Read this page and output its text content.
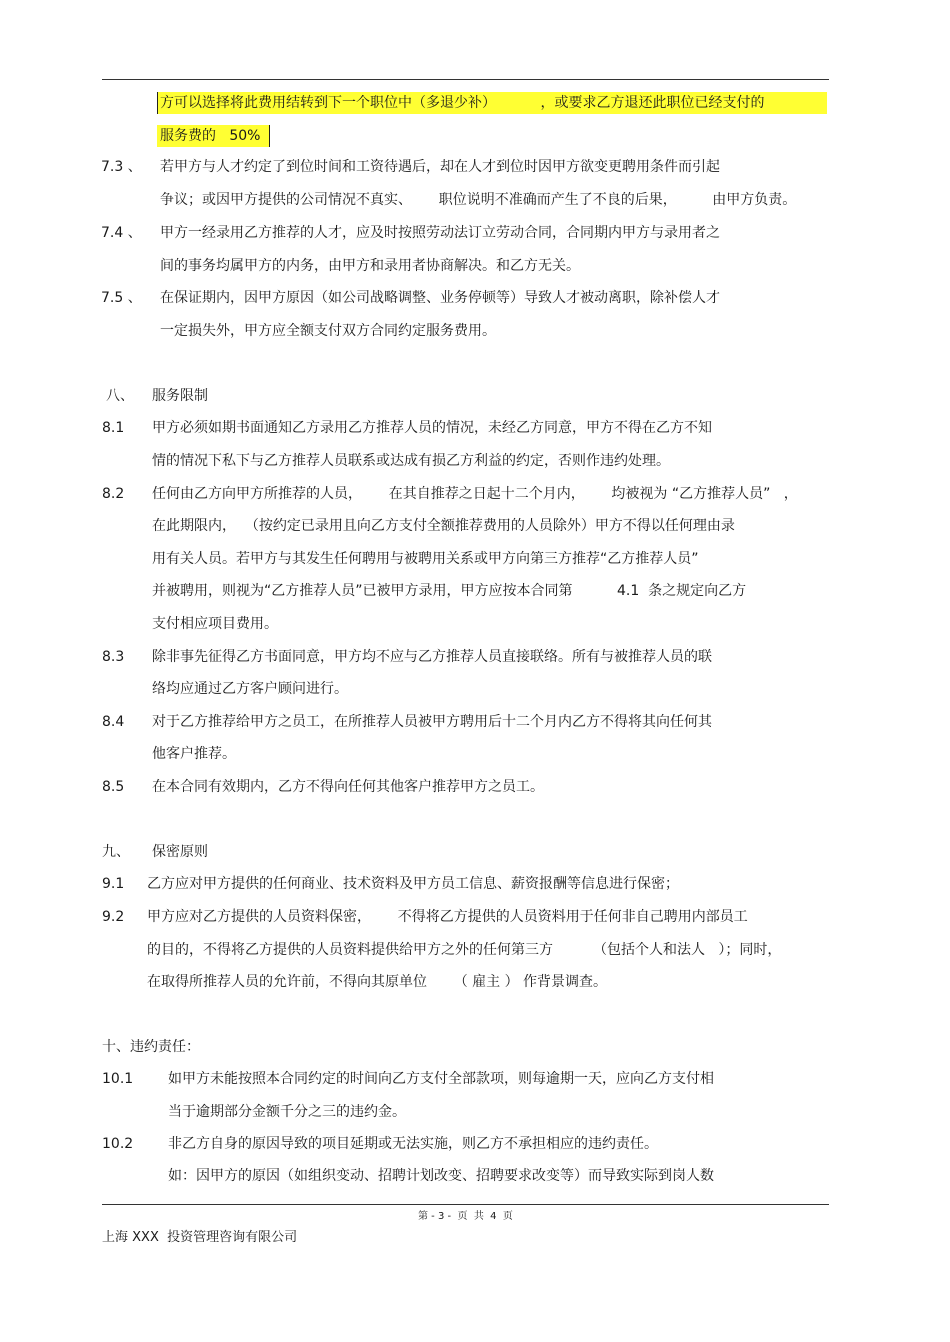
方可以选择将此费用结转到下一个职位中（多退少补）          ，或要求乙方退还此职位已经支付的
服务费的   50%
7.3 、 若甲方与人才约定了到位时间和工资待遇后，却在人才到位时因甲方欲变更聘用条件而引起
争议；或因甲方提供的公司情况不真实、      职位说明不准确而产生了不良的后果，        由甲方负责。
7.4 、 甲方一经录用乙方推荐的人才，应及时按照劳动法订立劳动合同，合同期内甲方与录用者之
间的事务均属甲方的内务，由甲方和录用者协商解决。和乙方无关。
7.5 、 在保证期内，因甲方原因（如公司战略调整、业务停顿等）导致人才被动离职，除补偿人才
一定损失外，甲方应全额支付双方合同约定服务费用。
八、 服务限制
8.1 甲方必须如期书面通知乙方录用乙方推荐人员的情况，未经乙方同意，甲方不得在乙方不知
情的情况下私下与乙方推荐人员联系或达成有损乙方利益的约定，否则作违约处理。
8.2 任何由乙方向甲方所推荐的人员，      在其自推荐之日起十二个月内，      均被视为 “乙方推荐人员”   ，
在此期限内，  （按约定已录用且向乙方支付全额推荐费用的人员除外）甲方不得以任何理由录
用有关人员。若甲方与其发生任何聘用与被聘用关系或甲方向第三方推荐“乙方推荐人员”
并被聘用，则视为“乙方推荐人员”已被甲方录用，甲方应按本合同第          4.1  条之规定向乙方
支付相应项目费用。
8.3 除非事先征得乙方书面同意，甲方均不应与乙方推荐人员直接联络。所有与被推荐人员的联
络均应通过乙方客户顾问进行。
8.4 对于乙方推荐给甲方之员工，在所推荐人员被甲方聘用后十二个月内乙方不得将其向任何其
他客户推荐。
8.5 在本合同有效期内，乙方不得向任何其他客户推荐甲方之员工。
九、 保密原则
9.1 乙方应对甲方提供的任何商业、技术资料及甲方员工信息、薪资报酬等信息进行保密；
9.2 甲方应对乙方提供的人员资料保密，      不得将乙方提供的人员资料用于任何非自己聘用内部员工
的目的，不得将乙方提供的人员资料提供给甲方之外的任何第三方         （包括个人和法人   ）；同时，
在取得所推荐人员的允许前，不得向其原单位      （ 雇主 ） 作背景调查。
十、违约责任：
10.1 如甲方未能按照本合同约定的时间向乙方支付全部款项，则每逾期一天，应向乙方支付相
当于逾期部分金额千分之三的违约金。
10.2 非乙方自身的原因导致的项目延期或无法实施，则乙方不承担相应的违约责任。
如：因甲方的原因（如组织变动、招聘计划改变、招聘要求改变等）而导致实际到岗人数
第 - 3 -  页  共  4  页
上海 XXX  投资管理咨询有限公司
